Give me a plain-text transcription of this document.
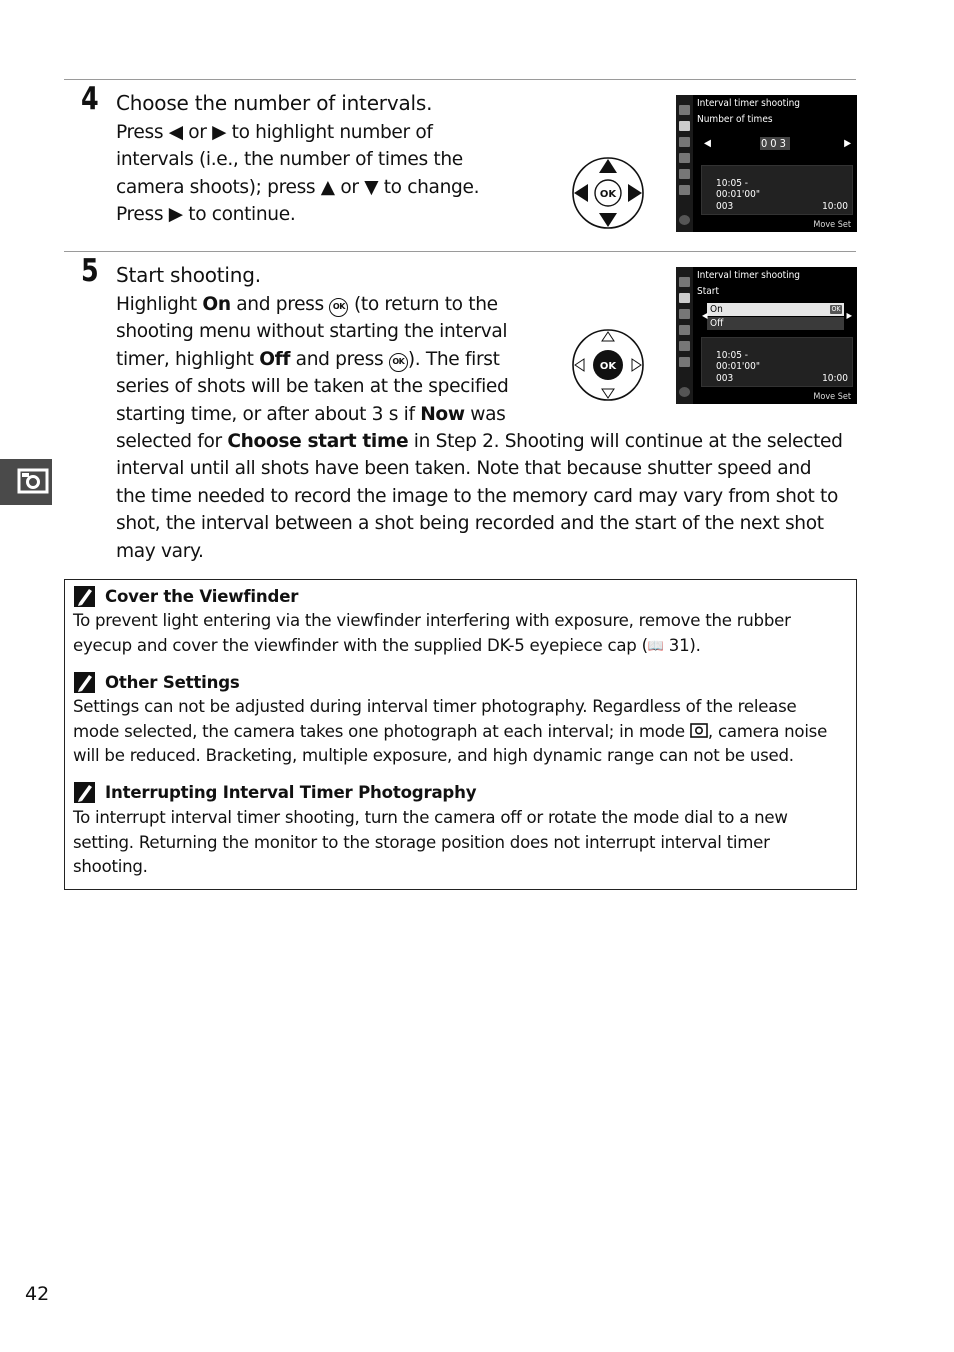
4 Choose the number of intervals.
Press ◀ or ▶ to highlight number of
intervals (i.e., the number of times the
camera shoots); press ▲ or ▼ to change.
Press ▶ to continue.
OK
Interval timer shooting
Number of times
◀	▶
003
10:05 -
00:01'00"
003	10:00
Move Set
5 Start shooting.
Highlight On and press OK (to return to the
shooting menu without starting the interval
timer, highlight Off and press OK ). The first
series of shots will be taken at the specified
starting time, or after about 3 s if Now was
selected for Choose start time in Step 2. Shooting will continue at the selected
interval until all shots have been taken. Note that because shutter speed and
the time needed to record the image to the memory card may vary from shot to
shot, the interval between a shot being recorded and the start of the next shot
may vary.
OK
Interval timer shooting
Start
On	OK
Off
◀	▶
10:05 -
00:01'00"
003	10:00
Move Set
Cover the Viewfinder
To prevent light entering via the viewfinder interfering with exposure, remove the rubber
eyecup and cover the viewfinder with the supplied DK-5 eyepiece cap (📖 31).
Other Settings
Settings can not be adjusted during interval timer photography. Regardless of the release
mode selected, the camera takes one photograph at each interval; in mode , camera noise
will be reduced. Bracketing, multiple exposure, and high dynamic range can not be used.
Interrupting Interval Timer Photography
To interrupt interval timer shooting, turn the camera off or rotate the mode dial to a new
setting. Returning the monitor to the storage position does not interrupt interval timer
shooting.
42
